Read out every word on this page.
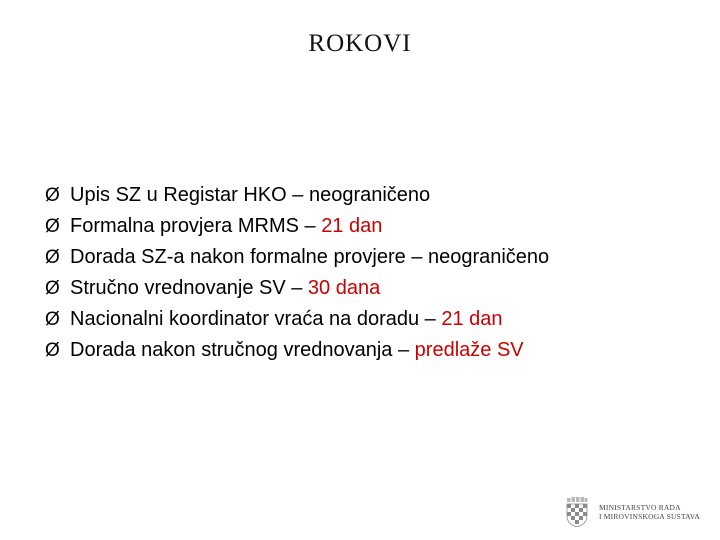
ROKOVI
Ø Upis SZ u Registar HKO – neograničeno
Ø Formalna provjera MRMS – 21 dan
Ø Dorada SZ-a nakon formalne provjere – neograničeno
Ø Stručno vrednovanje SV – 30 dana
Ø Nacionalni koordinator vraća na doradu – 21 dan
Ø Dorada nakon stručnog vrednovanja – predlaže SV
MINISTARSTVO RADA
I MIROVINSKOGA SUSTAVA
